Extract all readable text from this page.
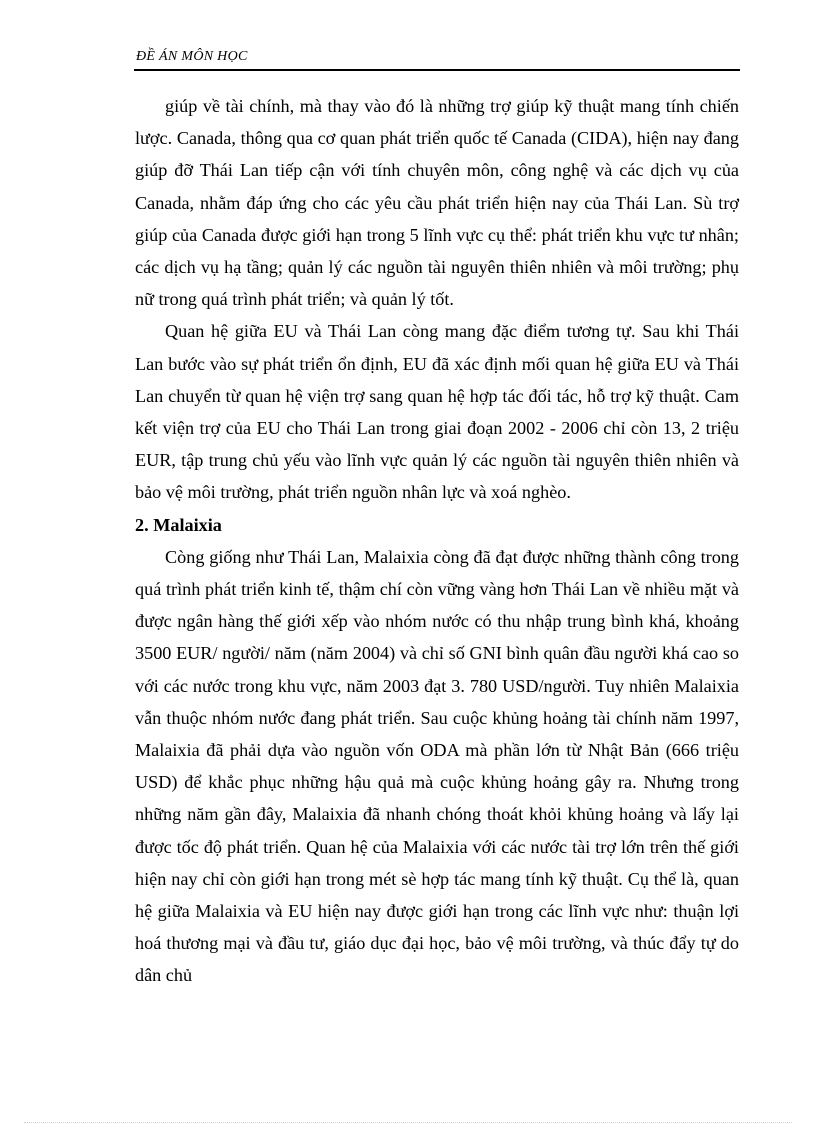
ĐỀ ÁN MÔN HỌC

giúp về tài chính, mà thay vào đó là những trợ giúp kỹ thuật mang tính chiến lược. Canada, thông qua cơ quan phát triển quốc tế Canada (CIDA), hiện nay đang giúp đỡ Thái Lan tiếp cận với tính chuyên môn, công nghệ và các dịch vụ của Canada, nhằm đáp ứng cho các yêu cầu phát triển hiện nay của Thái Lan. Sù trợ giúp của Canada được giới hạn trong 5 lĩnh vực cụ thể: phát triển khu vực tư nhân; các dịch vụ hạ tầng; quản lý các nguồn tài nguyên thiên nhiên và môi trường; phụ nữ trong quá trình phát triển; và quản lý tốt.

Quan hệ giữa EU và Thái Lan còng mang đặc điểm tương tự. Sau khi Thái Lan bước vào sự phát triển ổn định, EU đã xác định mối quan hệ giữa EU và Thái Lan chuyển từ quan hệ viện trợ sang quan hệ hợp tác đối tác, hỗ trợ kỹ thuật. Cam kết viện trợ của EU cho Thái Lan trong giai đoạn 2002 - 2006 chỉ còn 13, 2 triệu EUR, tập trung chủ yếu vào lĩnh vực quản lý các nguồn tài nguyên thiên nhiên và bảo vệ môi trường, phát triển nguồn nhân lực và xoá nghèo.

2. Malaixia

Còng giống như Thái Lan, Malaixia còng đã đạt được những thành công trong quá trình phát triển kinh tế, thậm chí còn vững vàng hơn Thái Lan về nhiều mặt và được ngân hàng thế giới xếp vào nhóm nước có thu nhập trung bình khá, khoảng 3500 EUR/ người/ năm (năm 2004) và chỉ số GNI bình quân đầu người khá cao so với các nước trong khu vực, năm 2003 đạt 3. 780 USD/người. Tuy nhiên Malaixia vẫn thuộc nhóm nước đang phát triển. Sau cuộc khủng hoảng tài chính năm 1997, Malaixia đã phải dựa vào nguồn vốn ODA mà phần lớn từ Nhật Bản (666 triệu USD) để khắc phục những hậu quả mà cuộc khủng hoảng gây ra. Nhưng trong những năm gần đây, Malaixia đã nhanh chóng thoát khỏi khủng hoảng và lấy lại được tốc độ phát triển. Quan hệ của Malaixia với các nước tài trợ lớn trên thế giới hiện nay chỉ còn giới hạn trong mét sè hợp tác mang tính kỹ thuật. Cụ thể là, quan hệ giữa Malaixia và EU hiện nay được giới hạn trong các lĩnh vực như: thuận lợi hoá thương mại và đầu tư, giáo dục đại học, bảo vệ môi trường, và thúc đẩy tự do dân chủ
